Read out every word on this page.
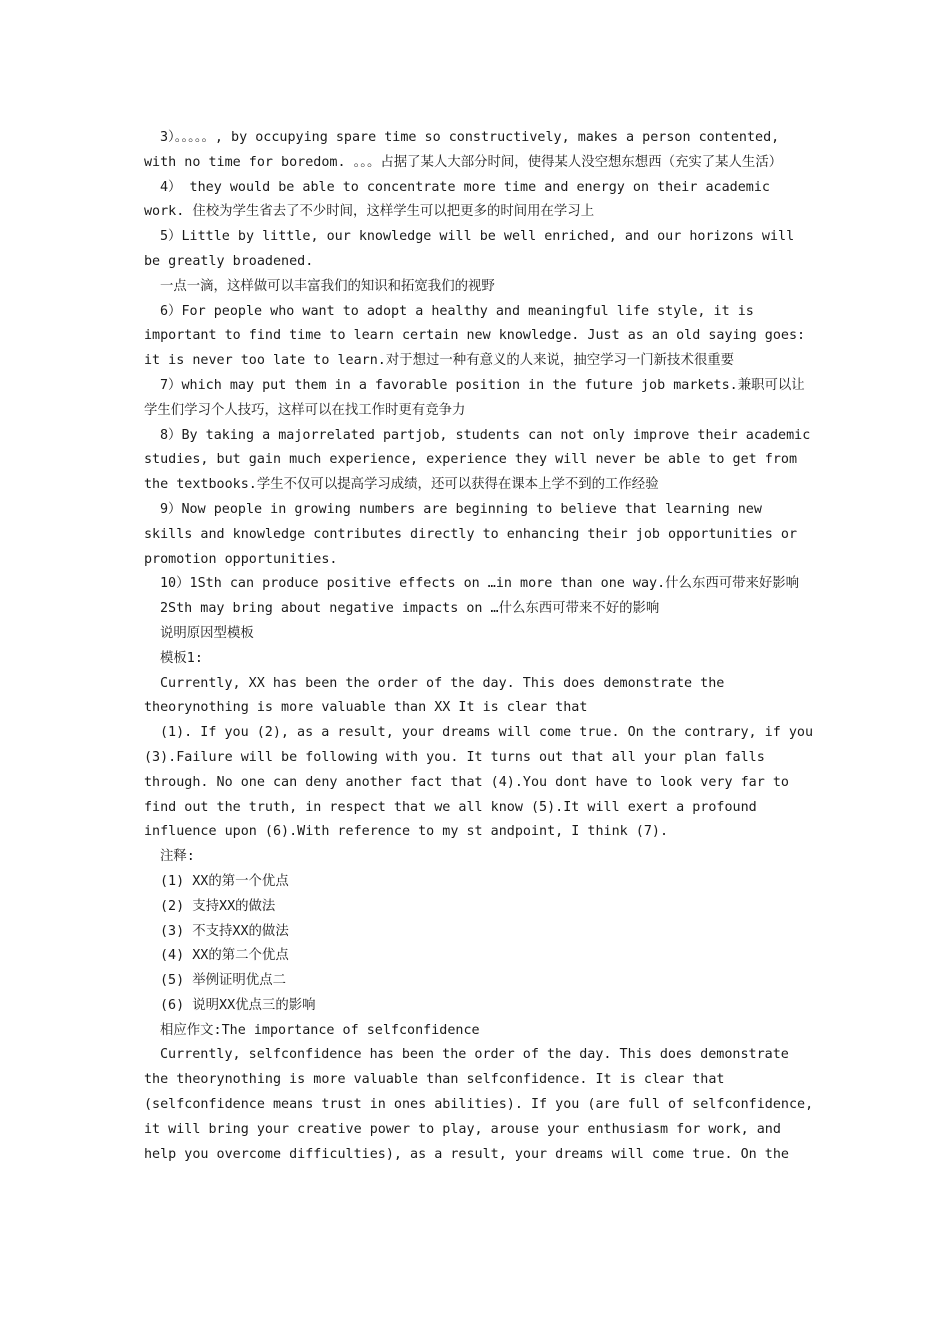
3）。。。。。, by occupying spare time so constructively, makes a person contented, with no time for boredom. 。。。占据了某人大部分时间，使得某人没空想东想西（充实了某人生活）

4） they would be able to concentrate more time and energy on their academic work. 住校为学生省去了不少时间，这样学生可以把更多的时间用在学习上

5）Little by little, our knowledge will be well enriched, and our horizons will be greatly broadened.

一点一滴，这样做可以丰富我们的知识和拓宽我们的视野

6）For people who want to adopt a healthy and meaningful life style, it is important to find time to learn certain new knowledge. Just as an old saying goes: it is never too late to learn.对于想过一种有意义的人来说，抽空学习一门新技术很重要

7）which may put them in a favorable position in the future job markets.兼职可以让学生们学习个人技巧，这样可以在找工作时更有竞争力

8）By taking a majorrelated partjob, students can not only improve their academic studies, but gain much experience, experience they will never be able to get from the textbooks.学生不仅可以提高学习成绩，还可以获得在课本上学不到的工作经验

9）Now people in growing numbers are beginning to believe that learning new skills and knowledge contributes directly to enhancing their job opportunities or promotion opportunities.

10）1Sth can produce positive effects on …in more than one way.什么东西可带来好影响

2Sth may bring about negative impacts on …什么东西可带来不好的影响

说明原因型模板

模板1:

Currently, XX has been the order of the day. This does demonstrate the theorynothing is more valuable than XX It is clear that

(1). If you (2), as a result, your dreams will come true. On the contrary, if you (3).Failure will be following with you. It turns out that all your plan falls through. No one can deny another fact that (4).You dont have to look very far to find out the truth, in respect that we all know (5).It will exert a profound influence upon (6).With reference to my st andpoint, I think (7).

注释:

(1) XX的第一个优点

(2) 支持XX的做法

(3) 不支持XX的做法

(4) XX的第二个优点

(5) 举例证明优点二

(6) 说明XX优点三的影响

相应作文:The importance of selfconfidence

Currently, selfconfidence has been the order of the day. This does demonstrate the theorynothing is more valuable than selfconfidence. It is clear that (selfconfidence means trust in ones abilities). If you (are full of selfconfidence, it will bring your creative power to play, arouse your enthusiasm for work, and help you overcome difficulties), as a result, your dreams will come true. On the
